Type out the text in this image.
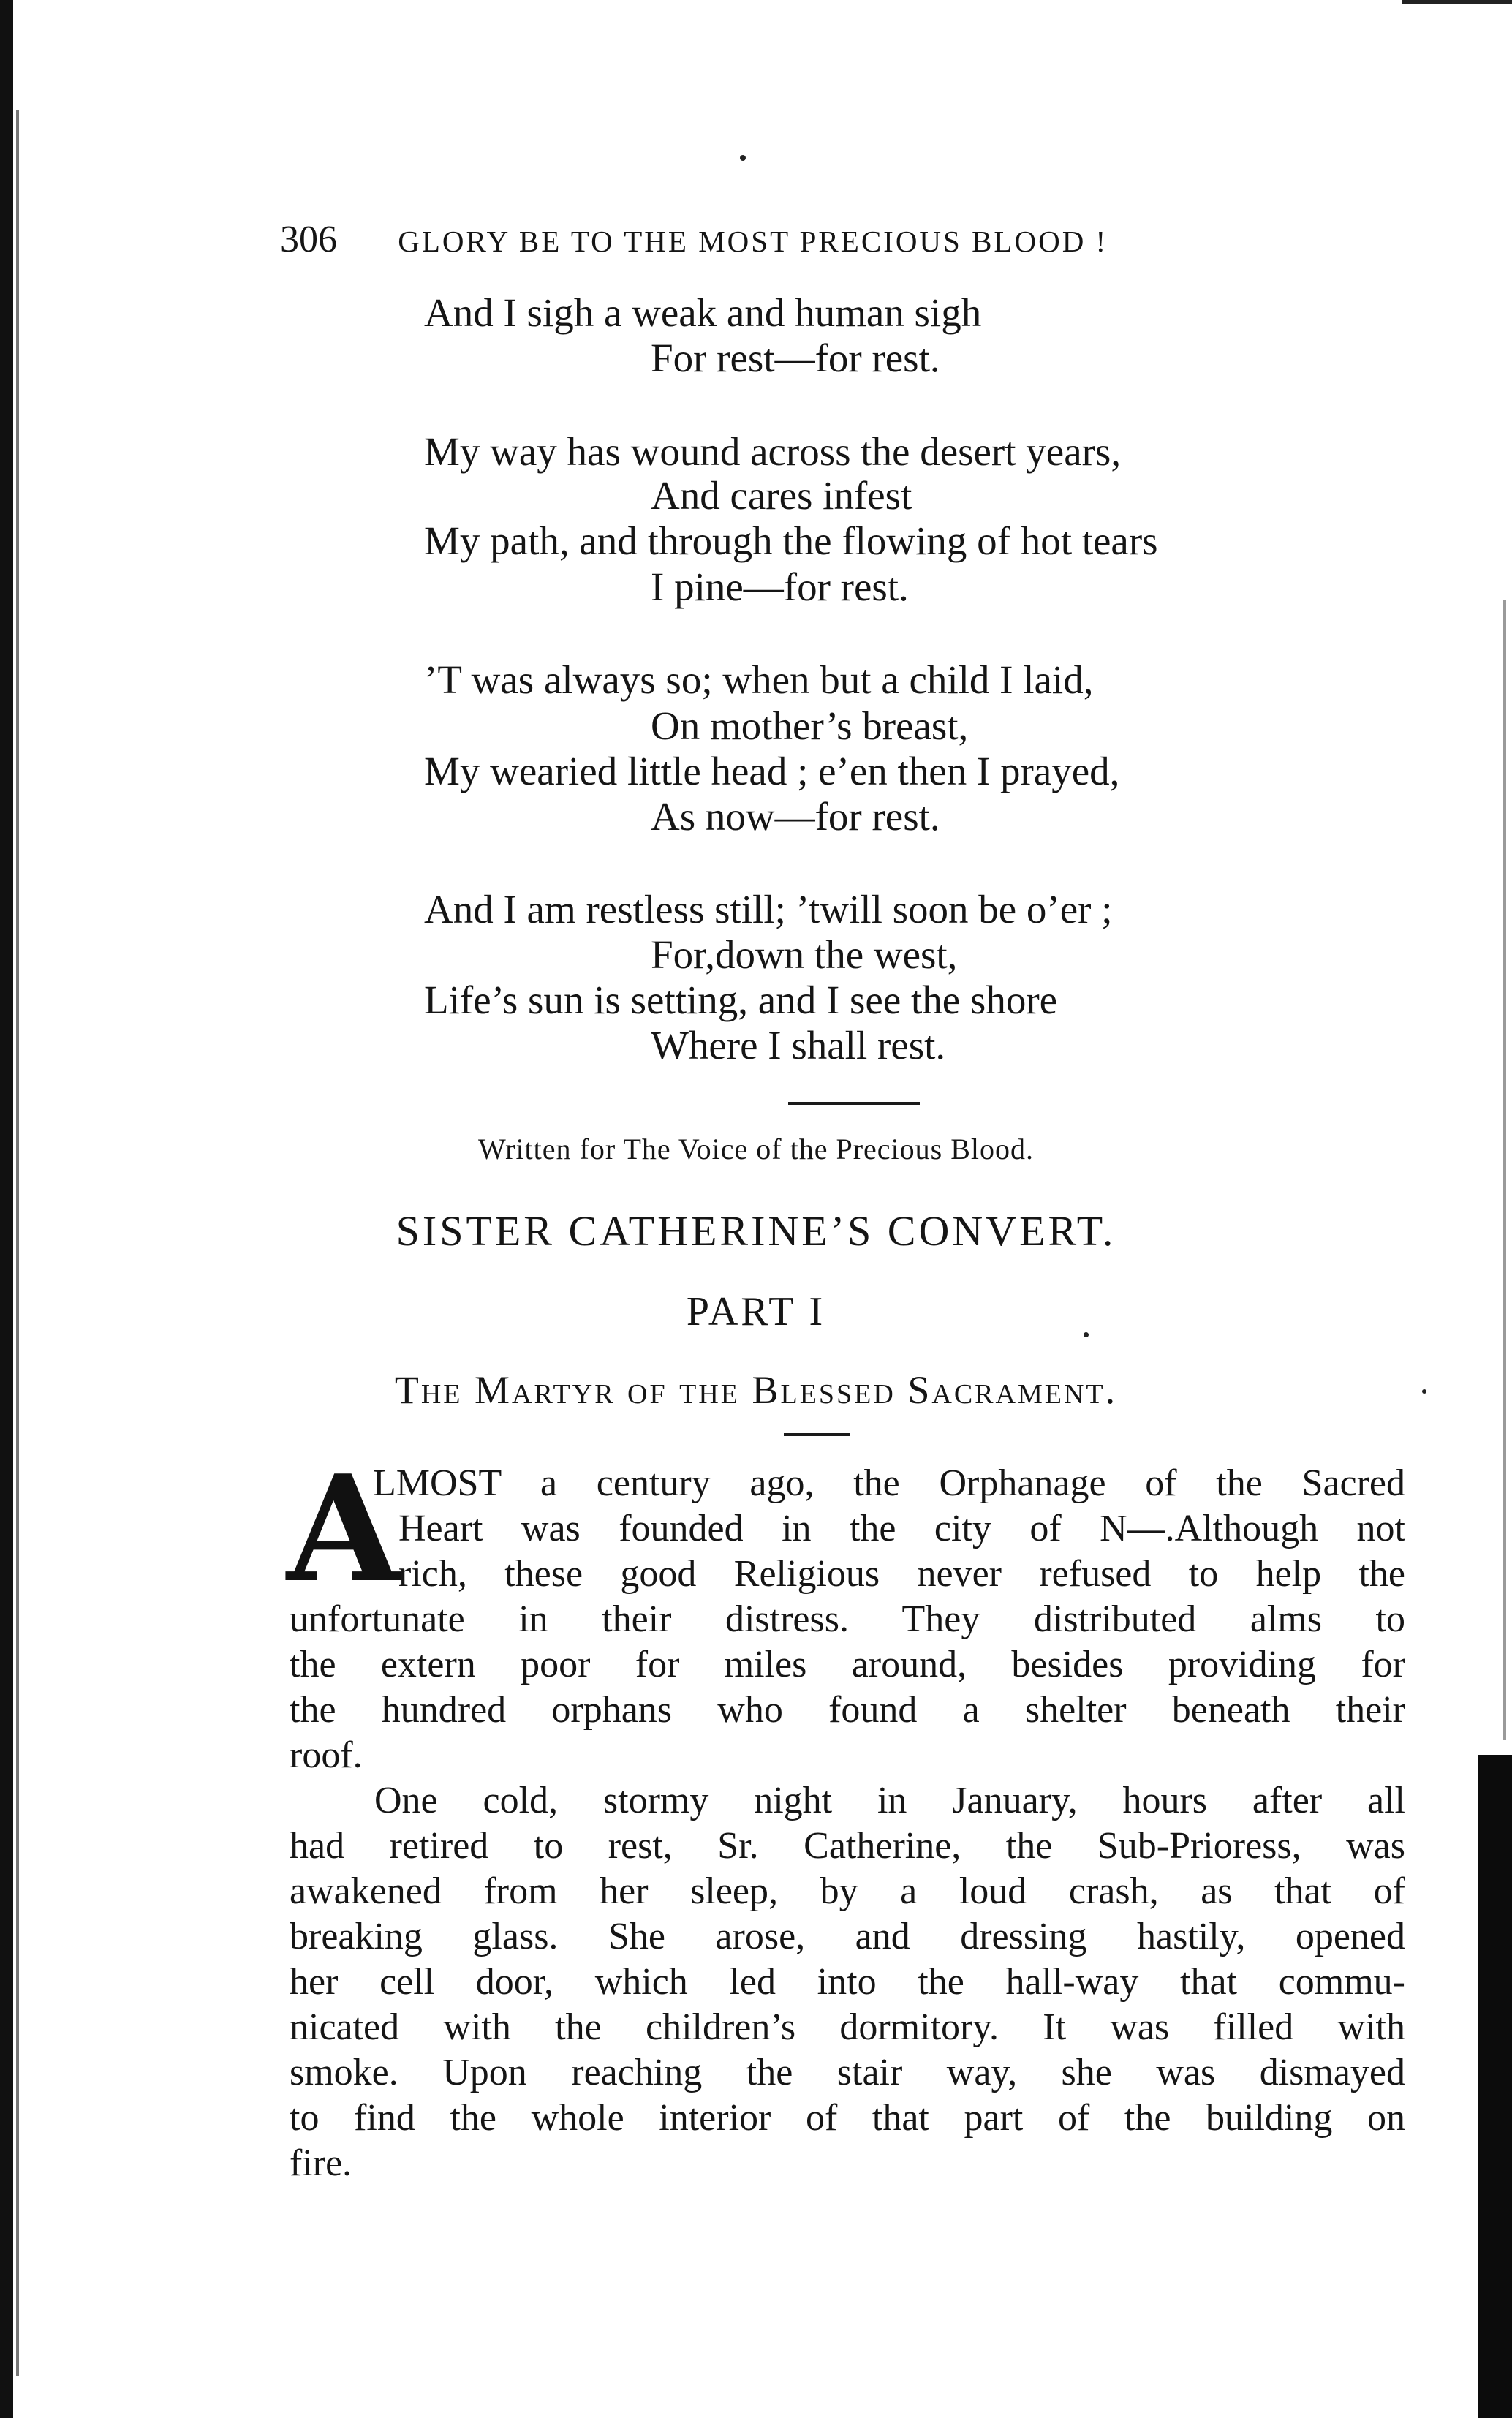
306 GLORY BE TO THE MOST PRECIOUS BLOOD !
And I sigh a weak and human sigh
For rest—for rest.
My way has wound across the desert years,
And cares infest
My path, and through the flowing of hot tears
I pine—for rest.
’T was always so; when but a child I laid,
On mother’s breast,
My wearied little head ; e’en then I prayed,
As now—for rest.
And I am restless still; ’twill soon be o’er ;
For,down the west,
Life’s sun is setting, and I see the shore
Where I shall rest.
Written for The Voice of the Precious Blood.
SISTER CATHERINE’S CONVERT.
PART I
The Martyr of the Blessed Sacrament.
A
LMOST a century ago, the Orphanage of the Sacred
Heart was founded in the city of N—.Although not
rich, these good Religious never refused to help the
unfortunate in their distress. They distributed alms to
the extern poor for miles around, besides providing for
the hundred orphans who found a shelter beneath their
roof.
One cold, stormy night in January, hours after all
had retired to rest, Sr. Catherine, the Sub-Prioress, was
awakened from her sleep, by a loud crash, as that of
breaking glass. She arose, and dressing hastily, opened
her cell door, which led into the hall-way that commu-
nicated with the children’s dormitory. It was filled with
smoke. Upon reaching the stair way, she was dismayed
to find the whole interior of that part of the building on
fire.
